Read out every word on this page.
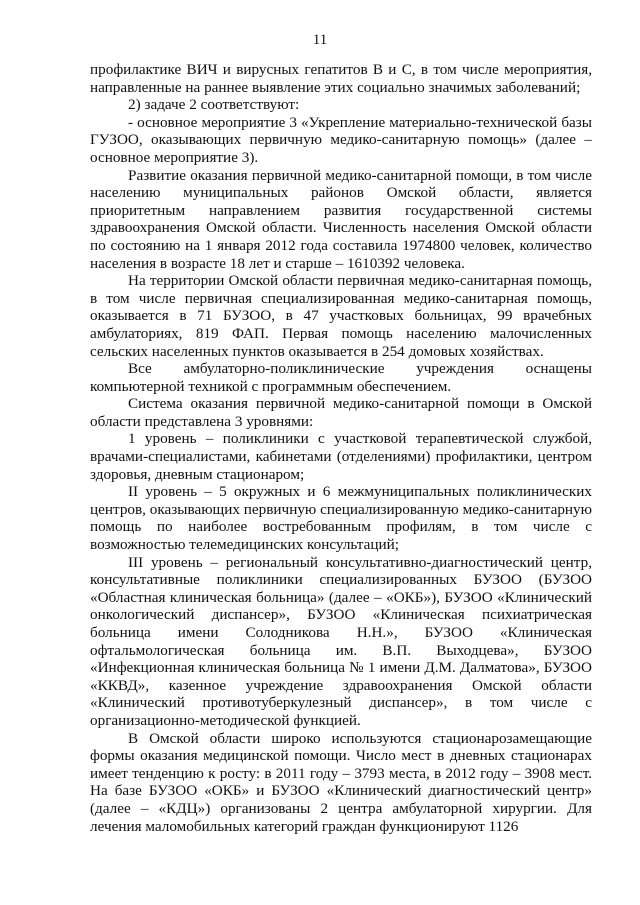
11

профилактике ВИЧ и вирусных гепатитов В и С, в том числе мероприятия, направленные на раннее выявление этих социально значимых заболеваний;

2) задаче 2 соответствуют:

- основное мероприятие 3 «Укрепление материально-технической базы ГУЗОО, оказывающих первичную медико-санитарную помощь» (далее – основное мероприятие 3).

Развитие оказания первичной медико-санитарной помощи, в том числе населению муниципальных районов Омской области, является приоритетным направлением развития государственной системы здравоохранения Омской области. Численность населения Омской области по состоянию на 1 января 2012 года составила 1974800 человек, количество населения в возрасте 18 лет и старше – 1610392 человека.

На территории Омской области первичная медико-санитарная помощь, в том числе первичная специализированная медико-санитарная помощь, оказывается в 71 БУЗОО, в 47 участковых больницах, 99 врачебных амбулаториях, 819 ФАП. Первая помощь населению малочисленных сельских населенных пунктов оказывается в 254 домовых хозяйствах.

Все амбулаторно-поликлинические учреждения оснащены компьютерной техникой с программным обеспечением.

Система оказания первичной медико-санитарной помощи в Омской области представлена 3 уровнями:

1 уровень – поликлиники с участковой терапевтической службой, врачами-специалистами, кабинетами (отделениями) профилактики, центром здоровья, дневным стационаром;

II уровень – 5 окружных и 6 межмуниципальных поликлинических центров, оказывающих первичную специализированную медико-санитарную помощь по наиболее востребованным профилям, в том числе с возможностью телемедицинских консультаций;

III уровень – региональный консультативно-диагностический центр, консультативные поликлиники специализированных БУЗОО (БУЗОО «Областная клиническая больница» (далее – «ОКБ»), БУЗОО «Клинический онкологический диспансер», БУЗОО «Клиническая психиатрическая больница имени Солодникова Н.Н.», БУЗОО «Клиническая офтальмологическая больница им. В.П. Выходцева», БУЗОО «Инфекционная клиническая больница № 1 имени Д.М. Далматова», БУЗОО «ККВД», казенное учреждение здравоохранения Омской области «Клинический противотуберкулезный диспансер», в том числе с организационно-методической функцией.

В Омской области широко используются стационарозамещающие формы оказания медицинской помощи. Число мест в дневных стационарах имеет тенденцию к росту: в 2011 году – 3793 места, в 2012 году – 3908 мест. На базе БУЗОО «ОКБ» и БУЗОО «Клинический диагностический центр» (далее – «КДЦ») организованы 2 центра амбулаторной хирургии. Для лечения маломобильных категорий граждан функционируют 1126
